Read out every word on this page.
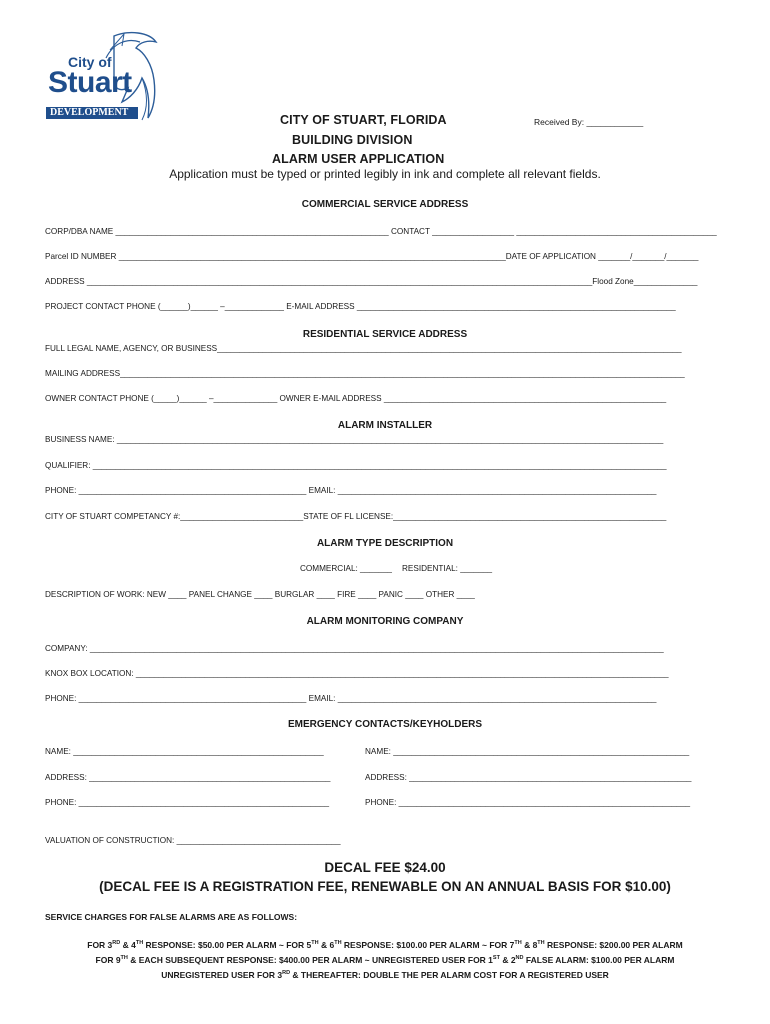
City of
Stuart
DEVELOPMENT
CITY OF STUART, FLORIDA
BUILDING DIVISION
ALARM USER APPLICATION
Received By: ____________
Application must be typed or printed legibly in ink and complete all relevant fields.
COMMERCIAL SERVICE ADDRESS
CORP/DBA NAME ____________________________________________________________ CONTACT __________________ ____________________________________________
Parcel ID NUMBER _____________________________________________________________________________________DATE OF APPLICATION _______/_______/_______
ADDRESS _______________________________________________________________________________________________________________Flood Zone______________
PROJECT CONTACT PHONE (______)______ –_____________ E-MAIL ADDRESS ______________________________________________________________________
RESIDENTIAL SERVICE ADDRESS
FULL LEGAL NAME, AGENCY, OR BUSINESS______________________________________________________________________________________________________
MAILING ADDRESS____________________________________________________________________________________________________________________________
OWNER CONTACT PHONE (_____)______ –______________ OWNER E-MAIL ADDRESS ______________________________________________________________
ALARM INSTALLER
BUSINESS NAME: ________________________________________________________________________________________________________________________
QUALIFIER: ______________________________________________________________________________________________________________________________
PHONE: __________________________________________________ EMAIL: ______________________________________________________________________
CITY OF STUART COMPETANCY #:___________________________STATE OF FL LICENSE:____________________________________________________________
ALARM TYPE DESCRIPTION
COMMERCIAL: _______ RESIDENTIAL: _______
DESCRIPTION OF WORK: NEW ____ PANEL CHANGE ____ BURGLAR ____ FIRE ____ PANIC ____ OTHER ____
ALARM MONITORING COMPANY
COMPANY: ______________________________________________________________________________________________________________________________
KNOX BOX LOCATION: _____________________________________________________________________________________________________________________
PHONE: __________________________________________________ EMAIL: ______________________________________________________________________
EMERGENCY CONTACTS/KEYHOLDERS
NAME: _______________________________________________________	NAME: _________________________________________________________________
ADDRESS: _____________________________________________________	ADDRESS: ______________________________________________________________
PHONE: _______________________________________________________	PHONE: ________________________________________________________________
VALUATION OF CONSTRUCTION: ____________________________________
DECAL FEE $24.00
(DECAL FEE IS A REGISTRATION FEE, RENEWABLE ON AN ANNUAL BASIS FOR $10.00)
SERVICE CHARGES FOR FALSE ALARMS ARE AS FOLLOWS:
FOR 3RD & 4TH RESPONSE: $50.00 PER ALARM ~ FOR 5TH & 6TH RESPONSE: $100.00 PER ALARM ~ FOR 7TH & 8TH RESPONSE: $200.00 PER ALARM
FOR 9TH & EACH SUBSEQUENT RESPONSE: $400.00 PER ALARM ~ UNREGISTERED USER FOR 1ST & 2ND FALSE ALARM: $100.00 PER ALARM
UNREGISTERED USER FOR 3RD & THEREAFTER: DOUBLE THE PER ALARM COST FOR A REGISTERED USER
